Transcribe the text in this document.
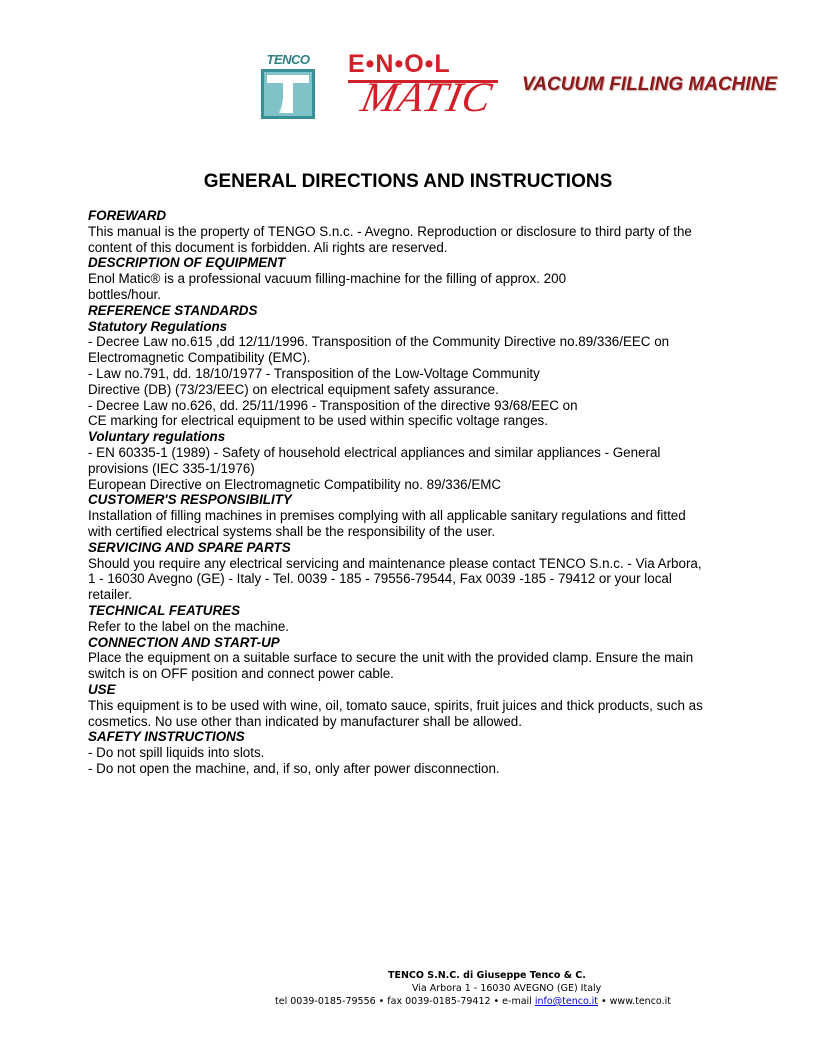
TENCO	E•N•O•L
MATIC VACUUM FILLING MACHINE
GENERAL DIRECTIONS AND INSTRUCTIONS
FOREWARD
This manual is the property of TENGO S.n.c. - Avegno. Reproduction or disclosure to third party of the
content of this document is forbidden. Ali rights are reserved.
DESCRIPTION OF EQUIPMENT
Enol Matic® is a professional vacuum filling-machine for the filling of approx. 200
bottles/hour.
REFERENCE STANDARDS
Statutory Regulations
- Decree Law no.615 ,dd 12/11/1996. Transposition of the Community Directive no.89/336/EEC on
Electromagnetic Compatibility (EMC).
- Law no.791, dd. 18/10/1977 - Transposition of the Low-Voltage Community
Directive (DB) (73/23/EEC) on electrical equipment safety assurance.
- Decree Law no.626, dd. 25/11/1996 - Transposition of the directive 93/68/EEC on
CE marking for electrical equipment to be used within specific voltage ranges.
Voluntary regulations
- EN 60335-1 (1989) - Safety of household electrical appliances and similar appliances - General
provisions (IEC 335-1/1976)
European Directive on Electromagnetic Compatibility no. 89/336/EMC
CUSTOMER'S RESPONSIBILITY
Installation of filling machines in premises complying with all applicable sanitary regulations and fitted
with certified electrical systems shall be the responsibility of the user.
SERVICING AND SPARE PARTS
Should you require any electrical servicing and maintenance please contact TENCO S.n.c. - Via Arbora,
1 - 16030 Avegno (GE) - Italy - Tel. 0039 - 185 - 79556-79544, Fax 0039 -185 - 79412 or your local
retailer.
TECHNICAL FEATURES
Refer to the label on the machine.
CONNECTION AND START-UP
Place the equipment on a suitable surface to secure the unit with the provided clamp. Ensure the main
switch is on OFF position and connect power cable.
USE
This equipment is to be used with wine, oil, tomato sauce, spirits, fruit juices and thick products, such as
cosmetics. No use other than indicated by manufacturer shall be allowed.
SAFETY INSTRUCTIONS
- Do not spill liquids into slots.
- Do not open the machine, and, if so, only after power disconnection.
TENCO S.N.C. di Giuseppe Tenco & C.
Via Arbora 1 - 16030 AVEGNO (GE) Italy
tel 0039-0185-79556 • fax 0039-0185-79412 • e-mail info@tenco.it • www.tenco.it
